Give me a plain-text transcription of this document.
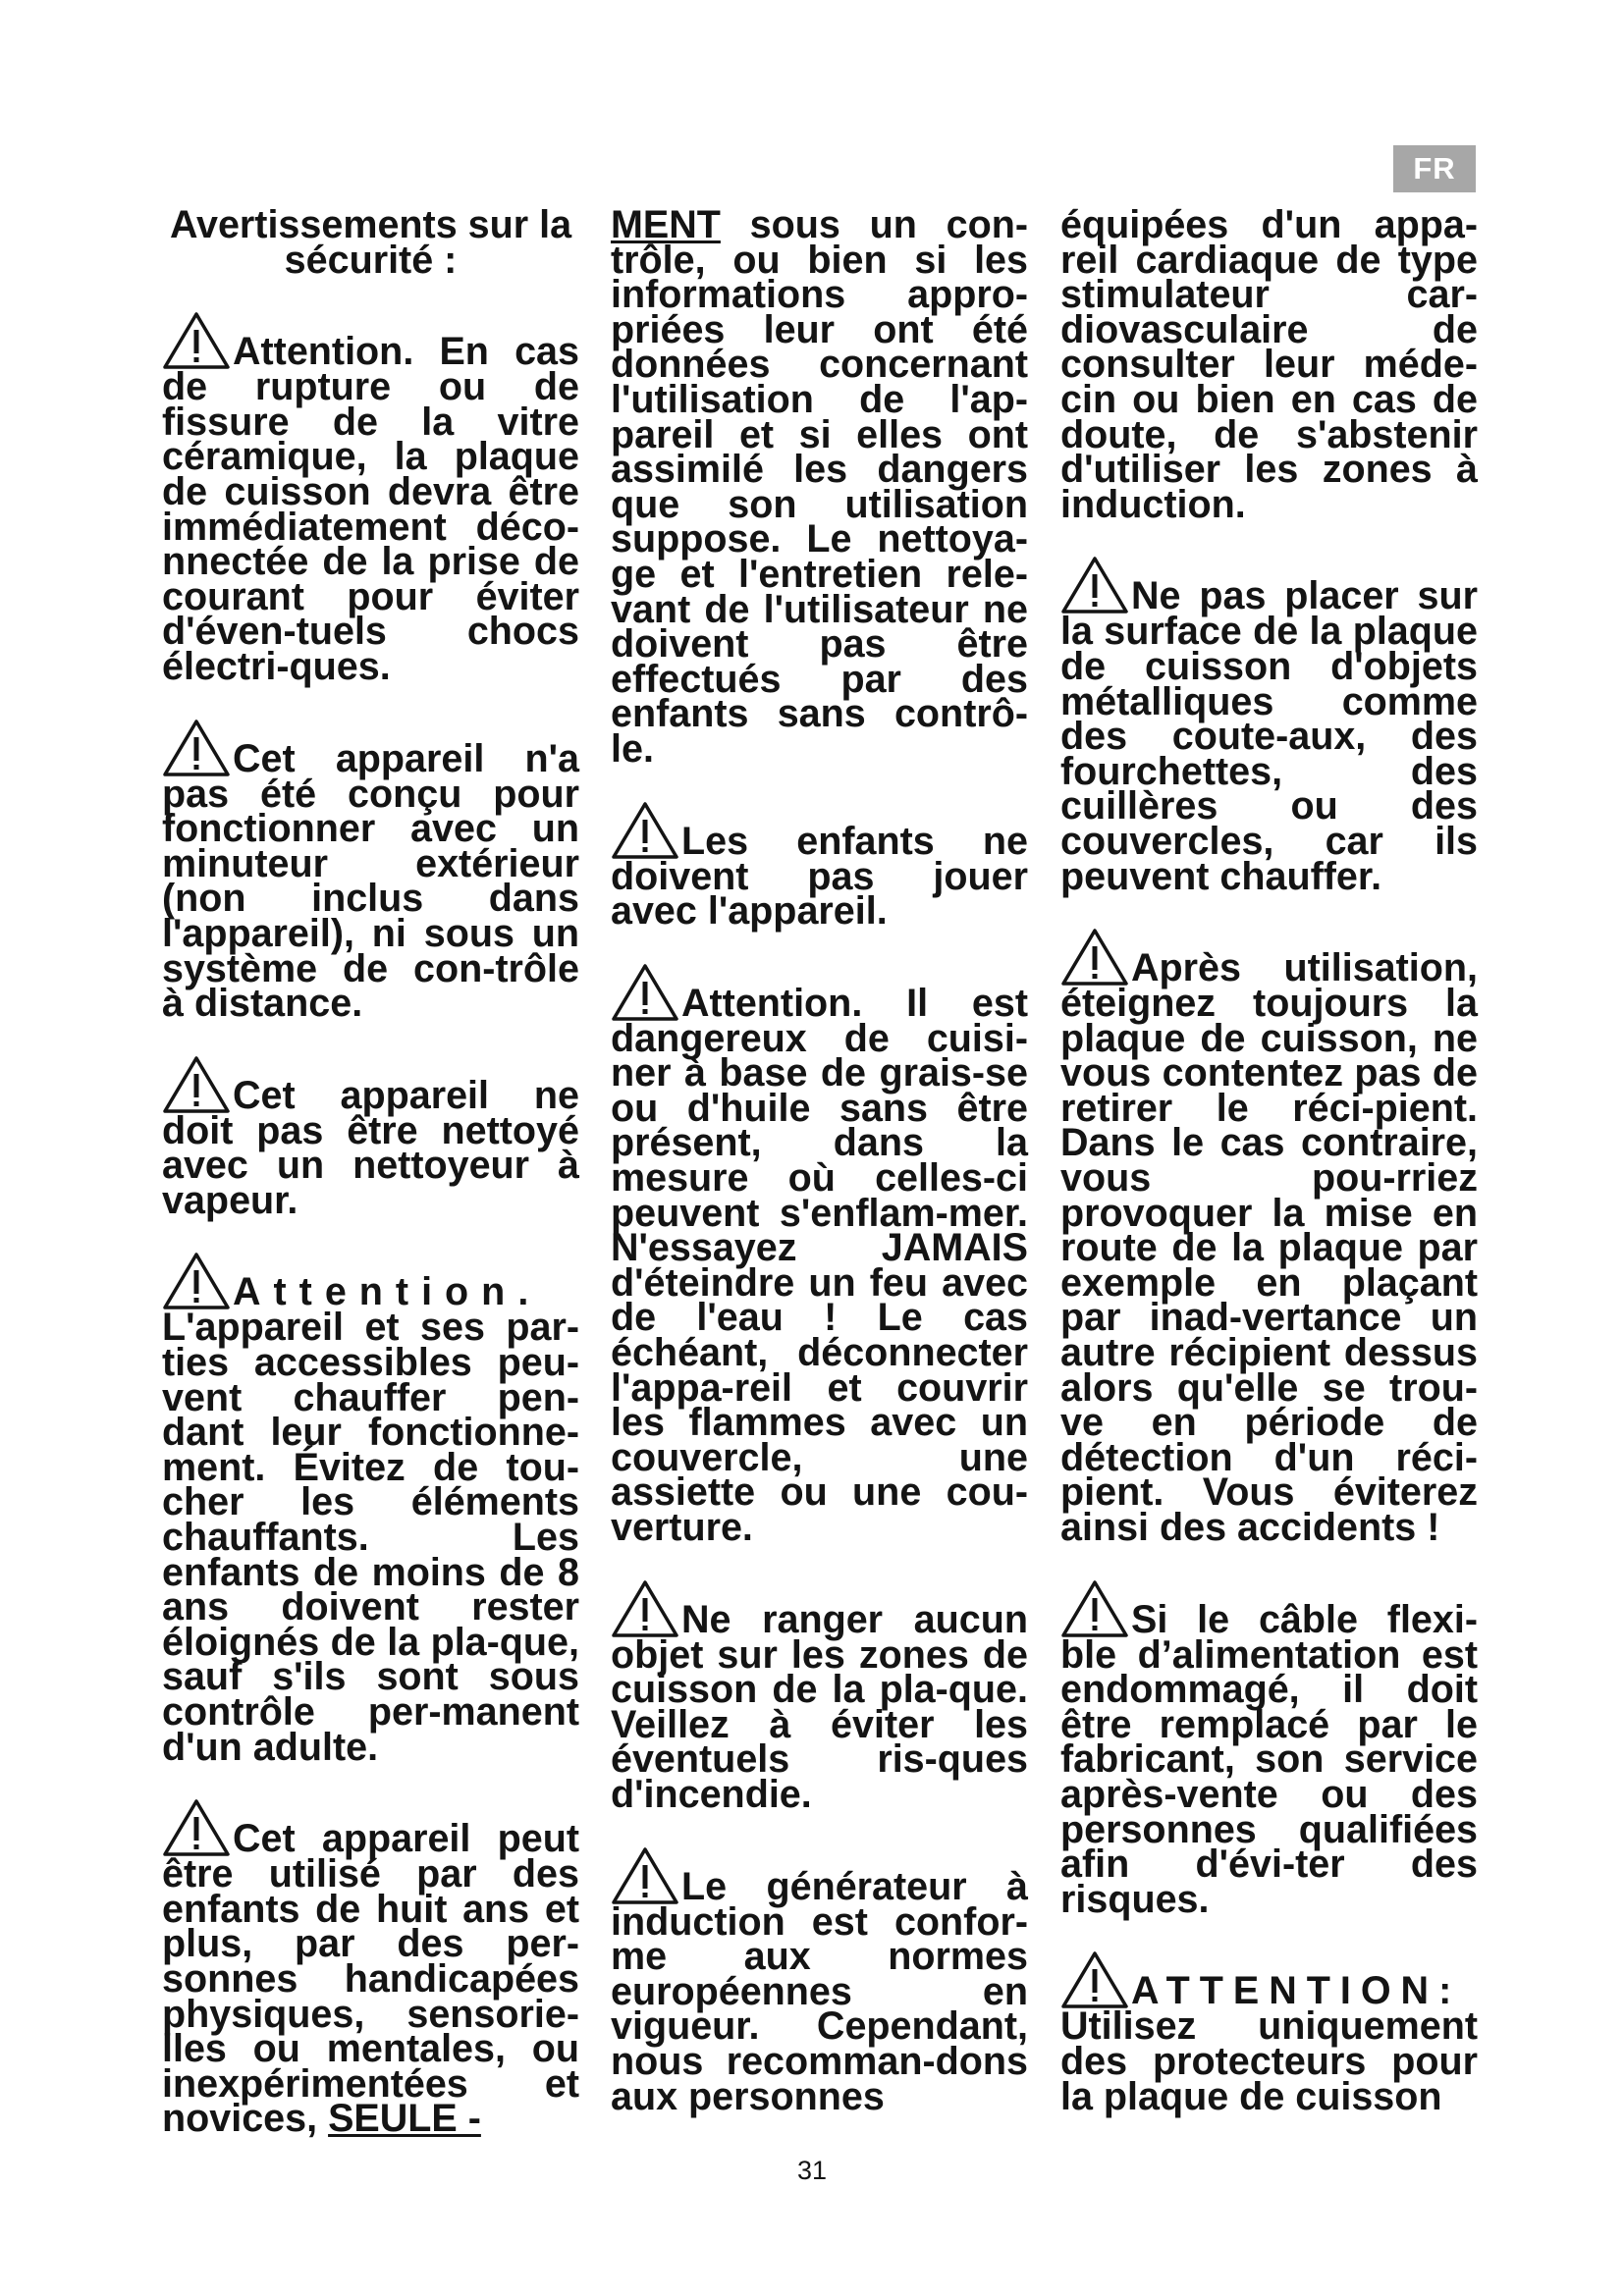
FR

Avertissements sur la sécurité :

Attention. En cas de rupture ou de fissure de la vitre céramique, la plaque de cuisson devra être immédiatement déco-nnectée de la prise de courant pour éviter d'éven-tuels chocs électri-ques.

Cet appareil n'a pas été conçu pour fonctionner avec un minuteur extérieur (non inclus dans l'appareil), ni sous un système de con-trôle à distance.

Cet appareil ne doit pas être nettoyé avec un nettoyeur à vapeur.

Attention. L'appareil et ses par-ties accessibles peu-vent chauffer pen-dant leur fonctionne-ment. Évitez de tou-cher les éléments chauffants. Les enfants de moins de 8 ans doivent rester éloignés de la pla-que, sauf s'ils sont sous contrôle per-manent d'un adulte.

Cet appareil peut être utilisé par des enfants de huit ans et plus, par des per-sonnes handicapées physiques, sensorie-lles ou mentales, ou inexpérimentées et novices, SEULE -

MENT sous un con-trôle, ou bien si les informations appro-priées leur ont été données concernant l'utilisation de l'ap-pareil et si elles ont assimilé les dangers que son utilisation suppose. Le nettoya-ge et l'entretien rele-vant de l'utilisateur ne doivent pas être effectués par des enfants sans contrô-le.

Les enfants ne doivent pas jouer avec l'appareil.

Attention. Il est dangereux de cuisi-ner à base de grais-se ou d'huile sans être présent, dans la mesure où celles-ci peuvent s'enflam-mer. N'essayez JAMAIS d'éteindre un feu avec de l'eau ! Le cas échéant, déconnecter l'appa-reil et couvrir les flammes avec un couvercle, une assiette ou une cou-verture.

Ne ranger aucun objet sur les zones de cuisson de la pla-que. Veillez à éviter les éventuels ris-ques d'incendie.

Le générateur à induction est confor-me aux normes européennes en vigueur. Cependant, nous recomman-dons aux personnes

équipées d'un appa-reil cardiaque de type stimulateur car-diovasculaire de consulter leur méde-cin ou bien en cas de doute, de s'abstenir d'utiliser les zones à induction.

Ne pas placer sur la surface de la plaque de cuisson d'objets métalliques comme des coute-aux, des fourchettes, des cuillères ou des couvercles, car ils peuvent chauffer.

Après utilisation, éteignez toujours la plaque de cuisson, ne vous contentez pas de retirer le réci-pient. Dans le cas contraire, vous pou-rriez provoquer la mise en route de la plaque par exemple en plaçant par inad-vertance un autre récipient dessus alors qu'elle se trou-ve en période de détection d'un réci-pient. Vous éviterez ainsi des accidents !

Si le câble flexi-ble d’alimentation est endommagé, il doit être remplacé par le fabricant, son service après-vente ou des personnes qualifiées afin d'évi-ter des risques.

ATTENTION: Utilisez uniquement des protecteurs pour la plaque de cuisson

31
